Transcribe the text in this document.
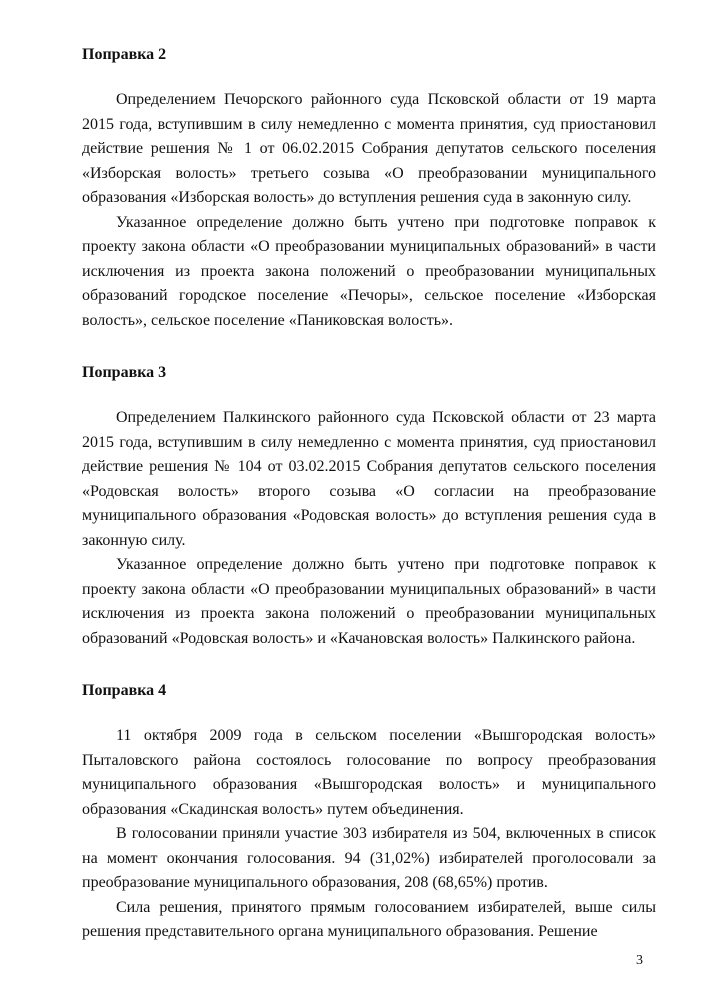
Поправка 2

Определением Печорского районного суда Псковской области от 19 марта 2015 года, вступившим в силу немедленно с момента принятия, суд приостановил действие решения № 1 от 06.02.2015 Собрания депутатов сельского поселения «Изборская волость» третьего созыва «О преобразовании муниципального образования «Изборская волость» до вступления решения суда в законную силу.

Указанное определение должно быть учтено при подготовке поправок к проекту закона области «О преобразовании муниципальных образований» в части исключения из проекта закона положений о преобразовании муниципальных образований городское поселение «Печоры», сельское поселение «Изборская волость», сельское поселение «Паниковская волость».

Поправка 3

Определением Палкинского районного суда Псковской области от 23 марта 2015 года, вступившим в силу немедленно с момента принятия, суд приостановил действие решения № 104 от 03.02.2015 Собрания депутатов сельского поселения «Родовская волость» второго созыва «О согласии на преобразование муниципального образования «Родовская волость» до вступления решения суда в законную силу.

Указанное определение должно быть учтено при подготовке поправок к проекту закона области «О преобразовании муниципальных образований» в части исключения из проекта закона положений о преобразовании муниципальных образований «Родовская волость» и «Качановская волость» Палкинского района.

Поправка 4

11 октября 2009 года в сельском поселении «Вышгородская волость» Пыталовского района состоялось голосование по вопросу преобразования муниципального образования «Вышгородская волость» и муниципального образования «Скадинская волость» путем объединения.

В голосовании приняли участие 303 избирателя из 504, включенных в список на момент окончания голосования. 94 (31,02%) избирателей проголосовали за преобразование муниципального образования, 208 (68,65%) против.

Сила решения, принятого прямым голосованием избирателей, выше силы решения представительного органа муниципального образования. Решение

3
